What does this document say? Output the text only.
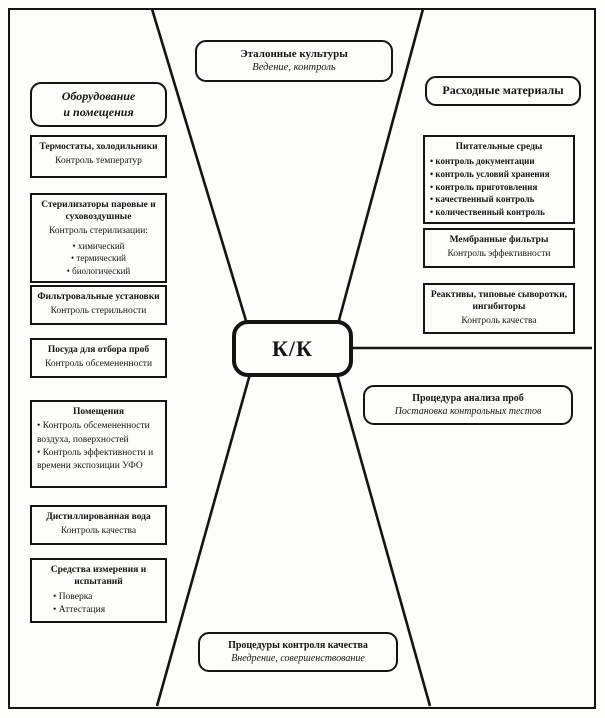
К/К
Эталонные культуры
Ведение, контроль
Процедуры контроля качества
Внедрение, совершенствование
Процедура анализа проб
Постановка контрольных тестов
Оборудование
и помещения
Термостаты, холодильники
Контроль температур
Стерилизаторы паровые и суховоздушные
Контроль стерилизации:
• химический
• термический
• биологический
Фильтровальные установки
Контроль стерильности
Посуда для отбора проб
Контроль обсемененности
Помещения
• Контроль обсемененности воздуха, поверхностей
• Контроль эффективности и времени экспозиции УФО
Дистиллированная вода
Контроль качества
Средства измерения и испытаний
• Поверка
• Аттестация
Расходные материалы
Питательные среды
• контроль документации
• контроль условий хранения
• контроль приготовления
• качественный контроль
• количественный контроль
Мембранные фильтры
Контроль эффективности
Реактивы, типовые сыворотки, ингибиторы
Контроль качества
